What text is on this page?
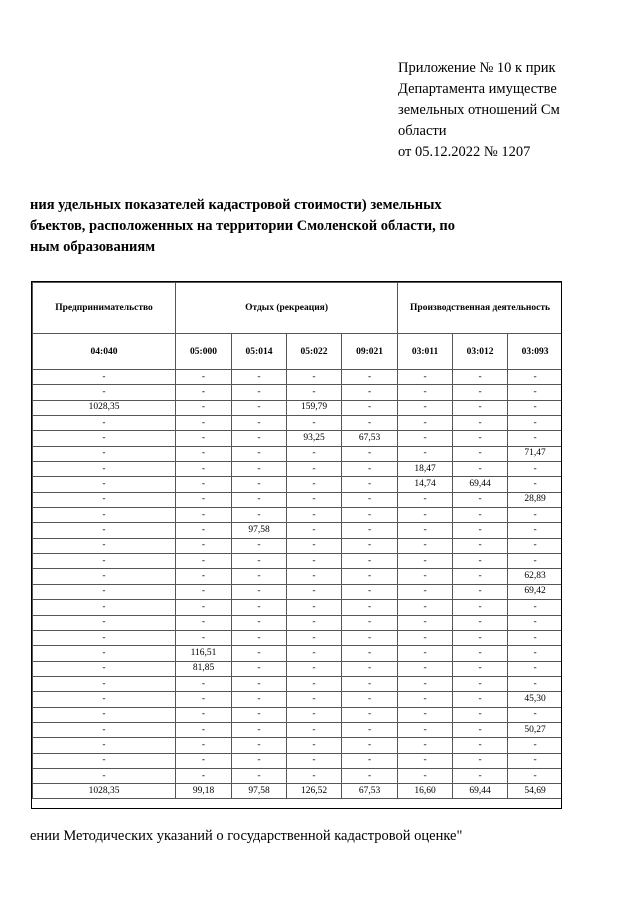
Приложение № 10 к прик
Департамента имуществе
земельных отношений См
области
от 05.12.2022 № 1207
ния удельных показателей кадастровой стоимости) земельных
бъектов, расположенных на территории Смоленской области, по
ным образованиям
Предпринимательство	Отдых (рекреация)				Производственная деятельность		
04:040	05:000	05:014	05:022	09:021	03:011	03:012	03:093
-	-	-	-	-	-	-	-
-	-	-	-	-	-	-	-
1028,35	-	-	159,79	-	-	-	-
-	-	-	-	-	-	-	-
-	-	-	93,25	67,53	-	-	-
-	-	-	-	-	-	-	71,47
-	-	-	-	-	18,47	-	-
-	-	-	-	-	14,74	69,44	-
-	-	-	-	-	-	-	28,89
-	-	-	-	-	-	-	-
-	-	97,58	-	-	-	-	-
-	-	-	-	-	-	-	-
-	-	-	-	-	-	-	-
-	-	-	-	-	-	-	62,83
-	-	-	-	-	-	-	69,42
-	-	-	-	-	-	-	-
-	-	-	-	-	-	-	-
-	-	-	-	-	-	-	-
-	116,51	-	-	-	-	-	-
-	81,85	-	-	-	-	-	-
-	-	-	-	-	-	-	-
-	-	-	-	-	-	-	45,30
-	-	-	-	-	-	-	-
-	-	-	-	-	-	-	50,27
-	-	-	-	-	-	-	-
-	-	-	-	-	-	-	-
-	-	-	-	-	-	-	-
1028,35	99,18	97,58	126,52	67,53	16,60	69,44	54,69
ении Методических указаний о государственной кадастровой оценке"
